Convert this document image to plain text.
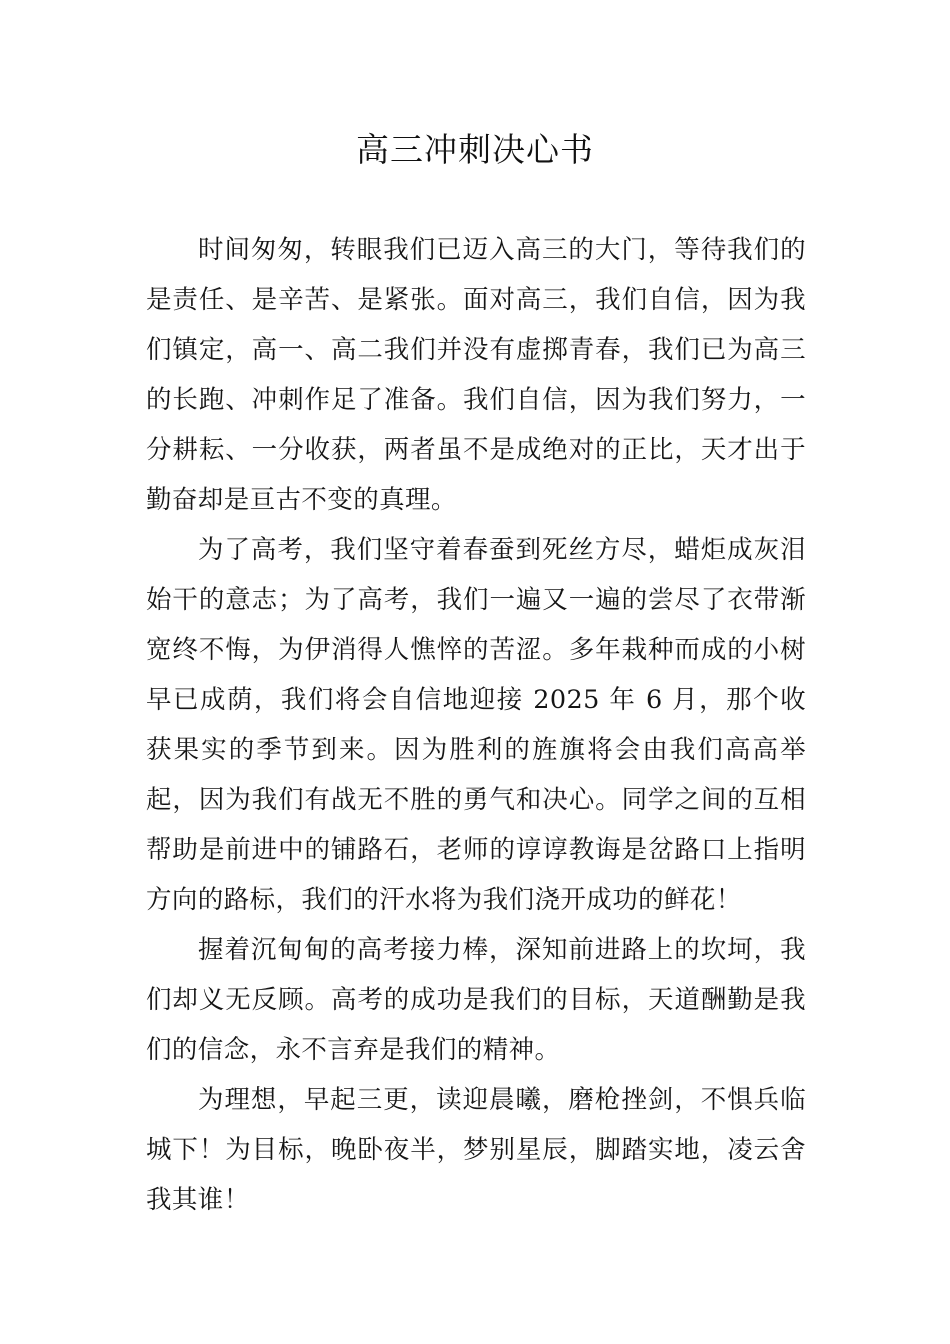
高三冲刺决心书

时间匆匆，转眼我们已迈入高三的大门，等待我们的是责任、是辛苦、是紧张。面对高三，我们自信，因为我们镇定，高一、高二我们并没有虚掷青春，我们已为高三的长跑、冲刺作足了准备。我们自信，因为我们努力，一分耕耘、一分收获，两者虽不是成绝对的正比，天才出于勤奋却是亘古不变的真理。

为了高考，我们坚守着春蚕到死丝方尽，蜡炬成灰泪始干的意志；为了高考，我们一遍又一遍的尝尽了衣带渐宽终不悔，为伊消得人憔悴的苦涩。多年栽种而成的小树早已成荫，我们将会自信地迎接 2025 年 6 月，那个收获果实的季节到来。因为胜利的旌旗将会由我们高高举起，因为我们有战无不胜的勇气和决心。同学之间的互相帮助是前进中的铺路石，老师的谆谆教诲是岔路口上指明方向的路标，我们的汗水将为我们浇开成功的鲜花！

握着沉甸甸的高考接力棒，深知前进路上的坎坷，我们却义无反顾。高考的成功是我们的目标，天道酬勤是我们的信念，永不言弃是我们的精神。

为理想，早起三更，读迎晨曦，磨枪挫剑，不惧兵临城下！为目标，晚卧夜半，梦别星辰，脚踏实地，凌云舍我其谁！
